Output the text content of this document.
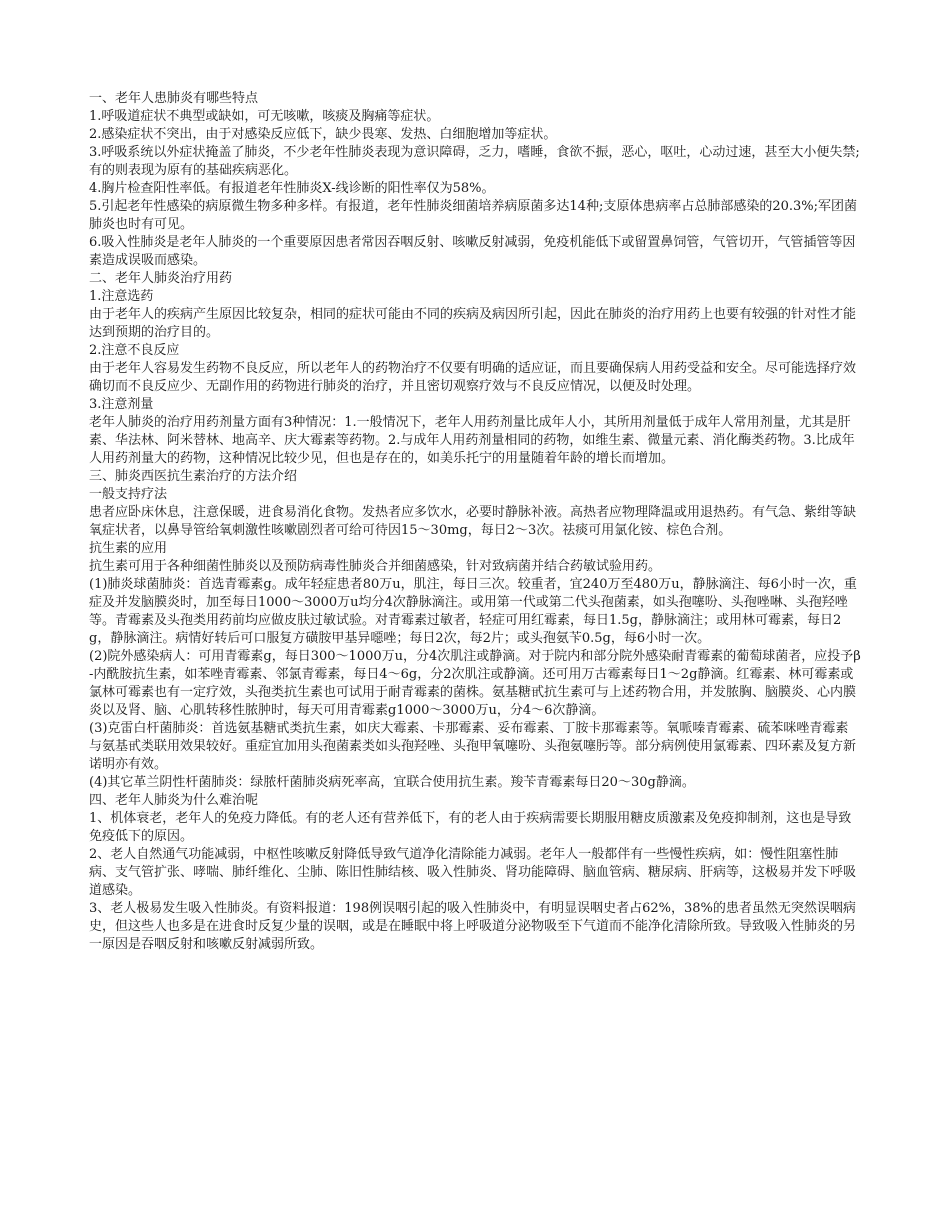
一、老年人患肺炎有哪些特点

1.呼吸道症状不典型或缺如，可无咳嗽，咳痰及胸痛等症状。

2.感染症状不突出，由于对感染反应低下，缺少畏寒、发热、白细胞增加等症状。

3.呼吸系统以外症状掩盖了肺炎，不少老年性肺炎表现为意识障碍，乏力，嗜睡，食欲不振，恶心，呕吐，心动过速，甚至大小便失禁;有的则表现为原有的基础疾病恶化。

4.胸片检查阳性率低。有报道老年性肺炎X-线诊断的阳性率仅为58%。

5.引起老年性感染的病原微生物多种多样。有报道，老年性肺炎细菌培养病原菌多达14种;支原体患病率占总肺部感染的20.3%;军团菌肺炎也时有可见。

6.吸入性肺炎是老年人肺炎的一个重要原因患者常因吞咽反射、咳嗽反射减弱，免疫机能低下或留置鼻饲管，气管切开，气管插管等因素造成误吸而感染。

二、老年人肺炎治疗用药

1.注意选药

由于老年人的疾病产生原因比较复杂，相同的症状可能由不同的疾病及病因所引起，因此在肺炎的治疗用药上也要有较强的针对性才能达到预期的治疗目的。

2.注意不良反应

由于老年人容易发生药物不良反应，所以老年人的药物治疗不仅要有明确的适应证，而且要确保病人用药受益和安全。尽可能选择疗效确切而不良反应少、无副作用的药物进行肺炎的治疗，并且密切观察疗效与不良反应情况，以便及时处理。

3.注意剂量

老年人肺炎的治疗用药剂量方面有3种情况：1.一般情况下，老年人用药剂量比成年人小，其所用剂量低于成年人常用剂量，尤其是肝素、华法林、阿米替林、地高辛、庆大霉素等药物。2.与成年人用药剂量相同的药物，如维生素、微量元素、消化酶类药物。3.比成年人用药剂量大的药物，这种情况比较少见，但也是存在的，如美乐托宁的用量随着年龄的增长而增加。

三、肺炎西医抗生素治疗的方法介绍

一般支持疗法

患者应卧床休息，注意保暖，进食易消化食物。发热者应多饮水，必要时静脉补液。高热者应物理降温或用退热药。有气急、紫绀等缺氧症状者，以鼻导管给氧刺激性咳嗽剧烈者可给可待因15～30mg，每日2～3次。祛痰可用氯化铵、棕色合剂。

抗生素的应用

抗生素可用于各种细菌性肺炎以及预防病毒性肺炎合并细菌感染，针对致病菌并结合药敏试验用药。

(1)肺炎球菌肺炎：首选青霉素g。成年轻症患者80万u，肌注，每日三次。较重者，宜240万至480万u，静脉滴注、每6小时一次，重症及并发脑膜炎时，加至每日1000～3000万u均分4次静脉滴注。或用第一代或第二代头孢菌素，如头孢噻吩、头孢唑啉、头孢羟唑等。青霉素及头孢类用药前均应做皮肤过敏试验。对青霉素过敏者，轻症可用红霉素，每日1.5g，静脉滴注；或用林可霉素，每日2g，静脉滴注。病情好转后可口服复方磺胺甲基异噁唑；每日2次，每2片；或头孢氨苄0.5g，每6小时一次。

(2)院外感染病人：可用青霉素g，每日300～1000万u，分4次肌注或静滴。对于院内和部分院外感染耐青霉素的葡萄球菌者，应投予β-内酰胺抗生素，如苯唑青霉素、邻氯青霉素，每日4～6g，分2次肌注或静滴。还可用万古霉素每日1～2g静滴。红霉素、林可霉素或氯林可霉素也有一定疗效，头孢类抗生素也可试用于耐青霉素的菌株。氨基糖甙抗生素可与上述药物合用，并发脓胸、脑膜炎、心内膜炎以及肾、脑、心肌转移性脓肿时，每天可用青霉素g1000～3000万u，分4～6次静滴。

(3)克雷白杆菌肺炎：首选氨基糖甙类抗生素，如庆大霉素、卡那霉素、妥布霉素、丁胺卡那霉素等。氧哌嗪青霉素、硫苯咪唑青霉素与氨基甙类联用效果较好。重症宜加用头孢菌素类如头孢羟唑、头孢甲氧噻吩、头孢氨噻肟等。部分病例使用氯霉素、四环素及复方新诺明亦有效。

(4)其它革兰阴性杆菌肺炎：绿脓杆菌肺炎病死率高，宜联合使用抗生素。羧苄青霉素每日20～30g静滴。

四、老年人肺炎为什么难治呢

1、机体衰老，老年人的免疫力降低。有的老人还有营养低下，有的老人由于疾病需要长期服用糖皮质激素及免疫抑制剂，这也是导致免疫低下的原因。

2、老人自然通气功能减弱，中枢性咳嗽反射降低导致气道净化清除能力减弱。老年人一般都伴有一些慢性疾病，如：慢性阻塞性肺病、支气管扩张、哮喘、肺纤维化、尘肺、陈旧性肺结核、吸入性肺炎、肾功能障碍、脑血管病、糖尿病、肝病等，这极易并发下呼吸道感染。

3、老人极易发生吸入性肺炎。有资料报道：198例误咽引起的吸入性肺炎中，有明显误咽史者占62%，38%的患者虽然无突然误咽病史，但这些人也多是在进食时反复少量的误咽，或是在睡眠中将上呼吸道分泌物吸至下气道而不能净化清除所致。导致吸入性肺炎的另一原因是吞咽反射和咳嗽反射减弱所致。
